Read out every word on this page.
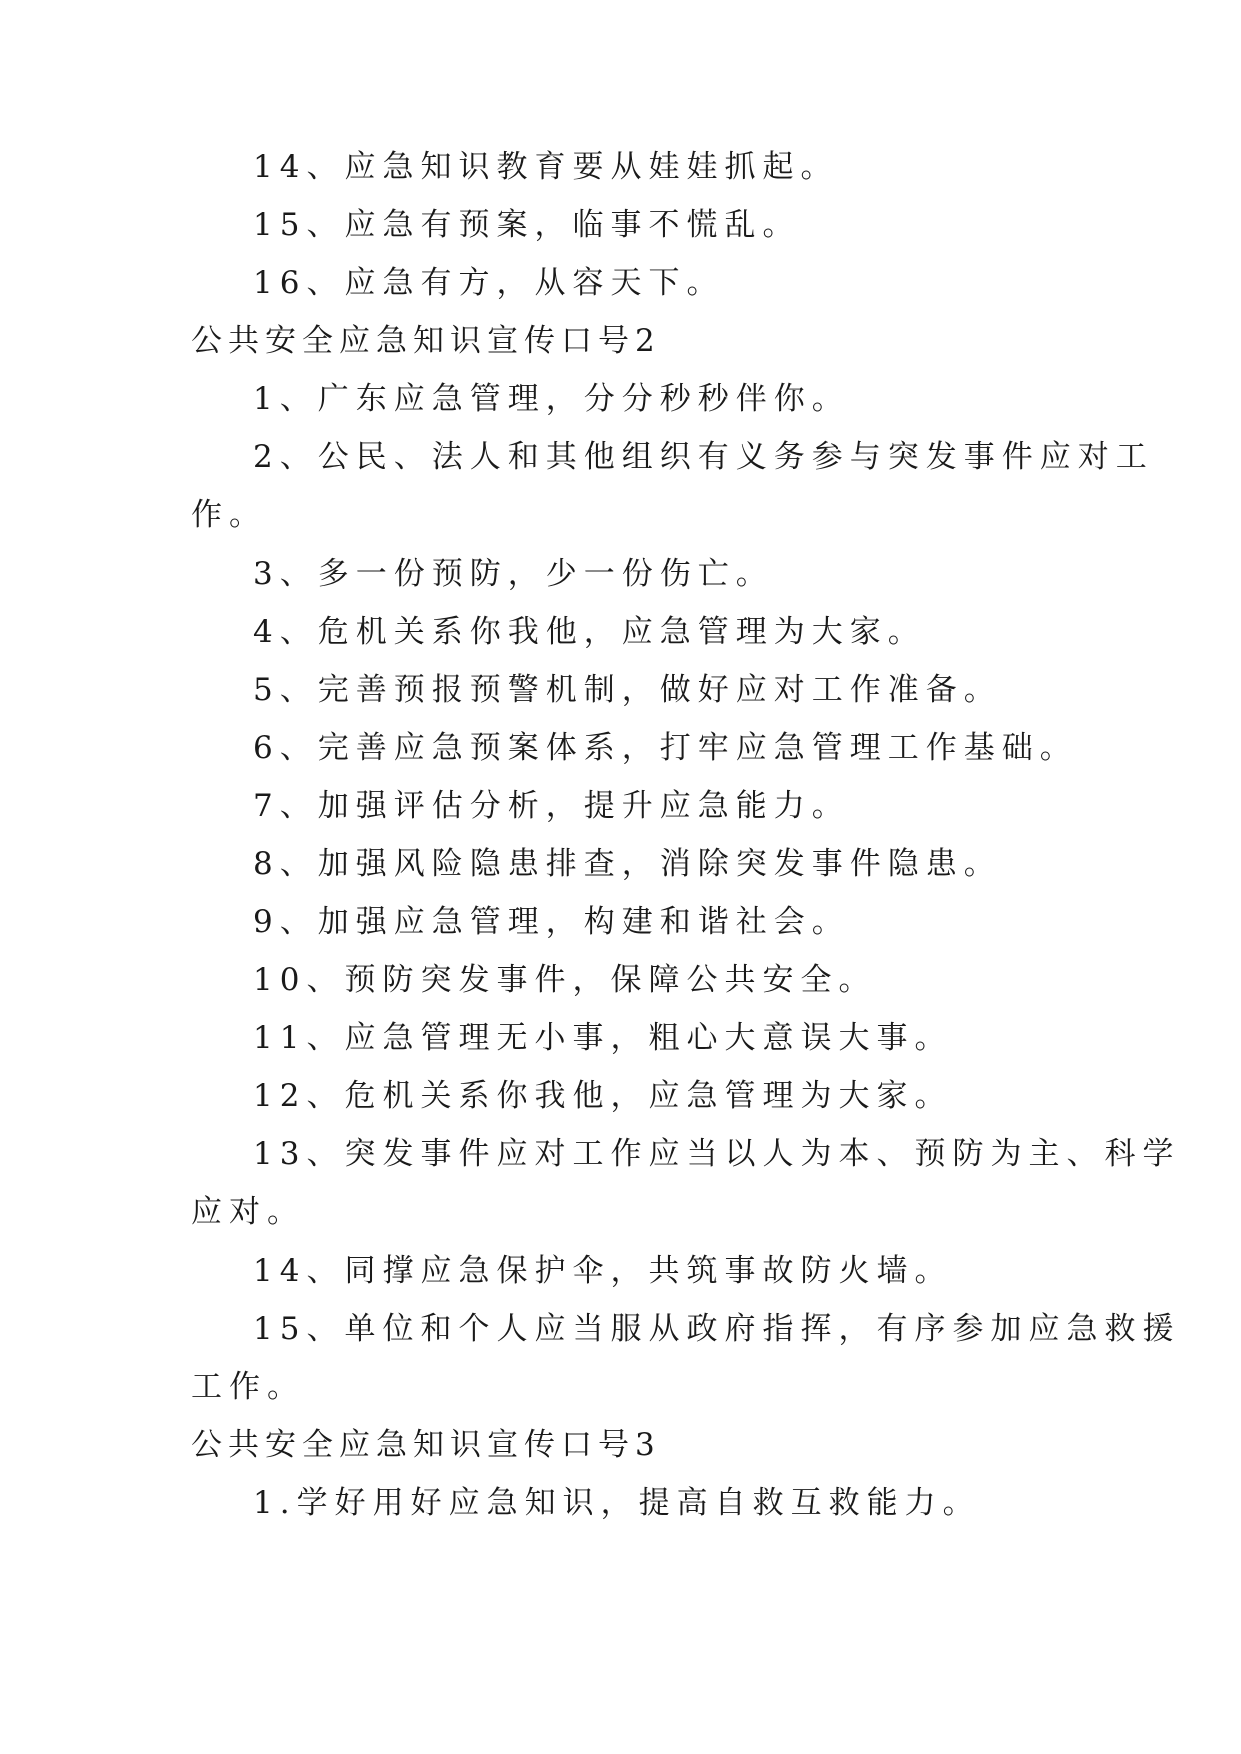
14、应急知识教育要从娃娃抓起。
15、应急有预案，临事不慌乱。
16、应急有方，从容天下。
公共安全应急知识宣传口号2
1、广东应急管理，分分秒秒伴你。
2、公民、法人和其他组织有义务参与突发事件应对工
作。
3、多一份预防，少一份伤亡。
4、危机关系你我他，应急管理为大家。
5、完善预报预警机制，做好应对工作准备。
6、完善应急预案体系，打牢应急管理工作基础。
7、加强评估分析，提升应急能力。
8、加强风险隐患排查，消除突发事件隐患。
9、加强应急管理，构建和谐社会。
10、预防突发事件，保障公共安全。
11、应急管理无小事，粗心大意误大事。
12、危机关系你我他，应急管理为大家。
13、突发事件应对工作应当以人为本、预防为主、科学
应对。
14、同撑应急保护伞，共筑事故防火墙。
15、单位和个人应当服从政府指挥，有序参加应急救援
工作。
公共安全应急知识宣传口号3
1.学好用好应急知识，提高自救互救能力。
